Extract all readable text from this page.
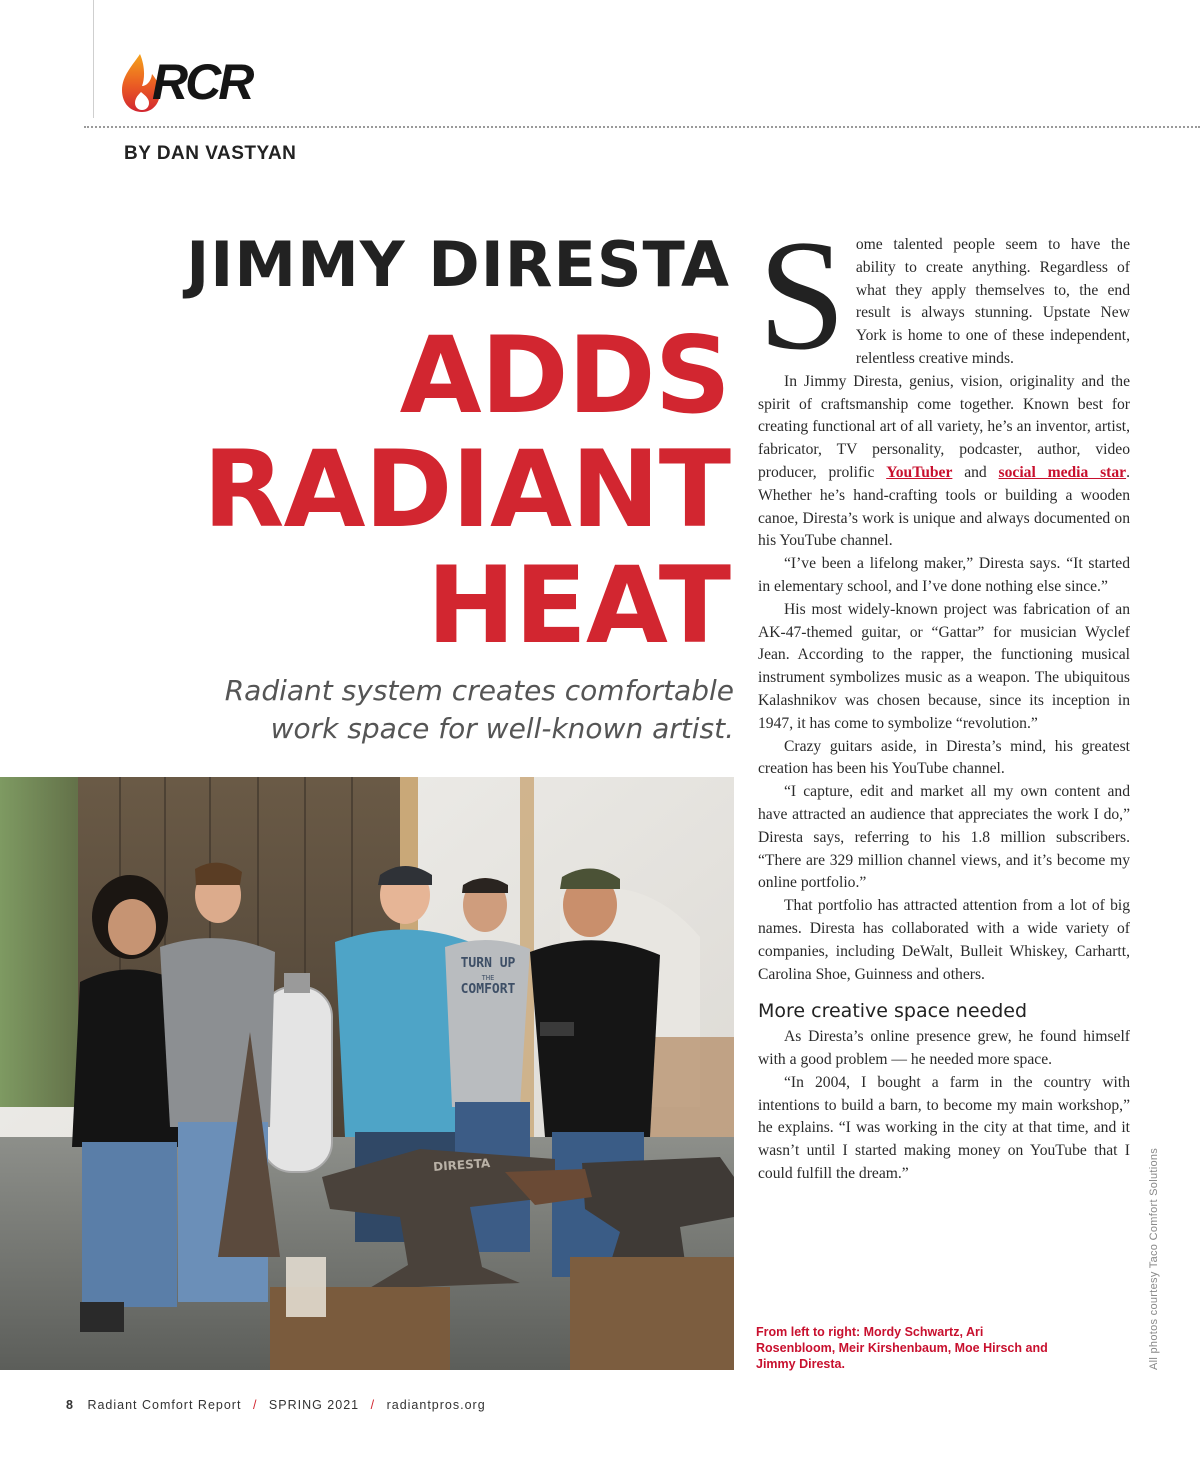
RCR
BY DAN VASTYAN
JIMMY DIRESTA
ADDS
RADIANT
HEAT
Radiant system creates comfortable
work space for well-known artist.

Some talented people seem to have the ability to create anything. Regardless of what they apply themselves to, the end result is always stunning. Upstate New York is home to one of these independent, relentless creative minds.

In Jimmy Diresta, genius, vision, originality and the spirit of craftsmanship come together. Known best for creating functional art of all variety, he’s an inventor, artist, fabricator, TV personality, podcaster, author, video producer, prolific YouTuber and social media star. Whether he’s hand-crafting tools or building a wooden canoe, Diresta’s work is unique and always documented on his YouTube channel.

“I’ve been a lifelong maker,” Diresta says. “It started in elementary school, and I’ve done nothing else since.”

His most widely-known project was fabrication of an AK-47-themed guitar, or “Gattar” for musician Wyclef Jean. According to the rapper, the functioning musical instrument symbolizes music as a weapon. The ubiquitous Kalashnikov was chosen because, since its inception in 1947, it has come to symbolize “revolution.”

Crazy guitars aside, in Diresta’s mind, his greatest creation has been his YouTube channel.

“I capture, edit and market all my own content and have attracted an audience that appreciates the work I do,” Diresta says, referring to his 1.8 million subscribers. “There are 329 million channel views, and it’s become my online portfolio.”

That portfolio has attracted attention from a lot of big names. Diresta has collaborated with a wide variety of companies, including DeWalt, Bulleit Whiskey, Carhartt, Carolina Shoe, Guinness and others.

More creative space needed

As Diresta’s online presence grew, he found himself with a good problem — he needed more space.

“In 2004, I bought a farm in the country with intentions to build a barn, to become my main workshop,” he explains. “I was working in the city at that time, and it wasn’t until I started making money on YouTube that I could fulfill the dream.”

TURN UP
THE
COMFORT
DIRESTA
From left to right: Mordy Schwartz, Ari Rosenbloom, Meir Kirshenbaum, Moe Hirsch and Jimmy Diresta.	All photos courtesy Taco Comfort Solutions
8 Radiant Comfort Report / SPRING 2021 / radiantpros.org
